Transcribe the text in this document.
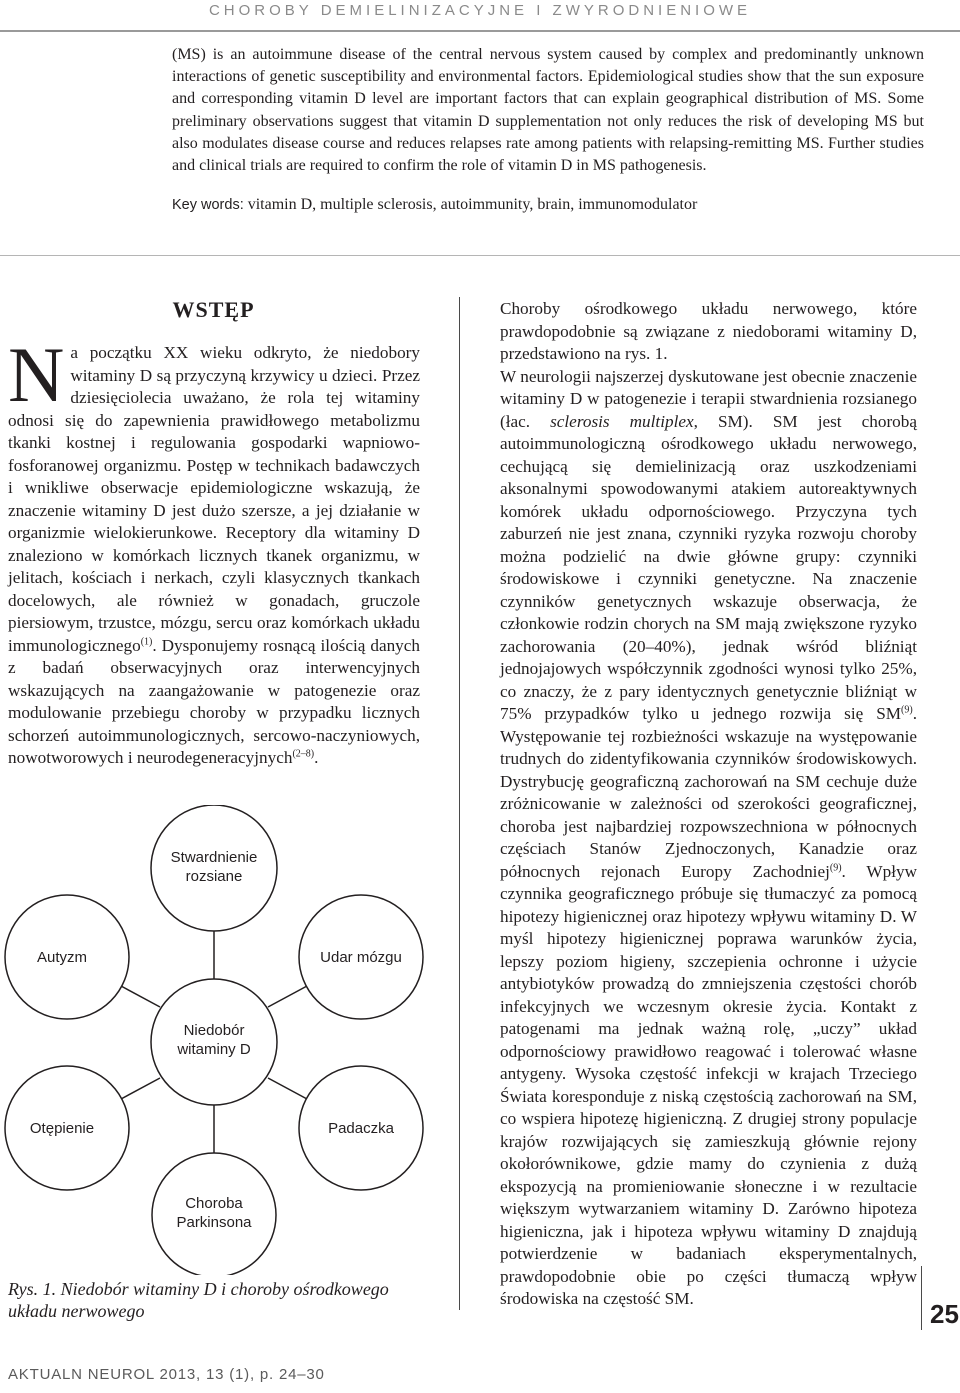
CHOROBY DEMIELINIZACYJNE I ZWYRODNIENIOWE
(MS) is an autoimmune disease of the central nervous system caused by complex and predominantly unknown interactions of genetic susceptibility and environmental factors. Epidemiological studies show that the sun exposure and corresponding vitamin D level are important factors that can explain geographical distribution of MS. Some preliminary observations suggest that vitamin D supplementation not only reduces the risk of developing MS but also modulates disease course and reduces relapses rate among patients with relapsing-remitting MS. Further studies and clinical trials are required to confirm the role of vitamin D in MS pathogenesis.
Key words: vitamin D, multiple sclerosis, autoimmunity, brain, immunomodulator
WSTĘP
Na początku XX wieku odkryto, że niedobory witaminy D są przyczyną krzywicy u dzieci. Przez dziesięciolecia uważano, że rola tej witaminy odnosi się do zapewnienia prawidłowego metabolizmu tkanki kostnej i regulowania gospodarki wapniowo-fosforanowej organizmu. Postęp w technikach badawczych i wnikliwe obserwacje epidemiologiczne wskazują, że znaczenie witaminy D jest dużo szersze, a jej działanie w organizmie wielokierunkowe. Receptory dla witaminy D znaleziono w komórkach licznych tkanek organizmu, w jelitach, kościach i nerkach, czyli klasycznych tkankach docelowych, ale również w gonadach, gruczole piersiowym, trzustce, mózgu, sercu oraz komórkach układu immunologicznego$^{(1)}$. Dysponujemy rosnącą ilością danych z badań obserwacyjnych oraz interwencyjnych wskazujących na zaangażowanie w patogenezie oraz modulowanie przebiegu choroby w przypadku licznych schorzeń autoimmunologicznych, sercowo-naczyniowych, nowotworowych i neurodegeneracyjnych$^{(2-8)}$.

Choroby ośrodkowego układu nerwowego, które prawdopodobnie są związane z niedoborami witaminy D, przedstawiono na rys. 1.

W neurologii najszerzej dyskutowane jest obecnie znaczenie witaminy D w patogenezie i terapii stwardnienia rozsianego (łac. sclerosis multiplex, SM). SM jest chorobą autoimmunologiczną ośrodkowego układu nerwowego, cechującą się demielinizacją oraz uszkodzeniami aksonalnymi spowodowanymi atakiem autoreaktywnych komórek układu odpornościowego. Przyczyna tych zaburzeń nie jest znana, czynniki ryzyka rozwoju choroby można podzielić na dwie główne grupy: czynniki środowiskowe i czynniki genetyczne. Na znaczenie czynników genetycznych wskazuje obserwacja, że członkowie rodzin chorych na SM mają zwiększone ryzyko zachorowania (20–40%), jednak wśród bliźniąt jednojajowych współczynnik zgodności wynosi tylko 25%, co znaczy, że z pary identycznych genetycznie bliźniąt w 75% przypadków tylko u jednego rozwija się SM$^{(9)}$. Występowanie tej rozbieżności wskazuje na występowanie trudnych do zidentyfikowania czynników środowiskowych. Dystrybucję geograficzną zachorowań na SM cechuje duże zróżnicowanie w zależności od szerokości geograficznej, choroba jest najbardziej rozpowszechniona w północnych częściach Stanów Zjednoczonych, Kanadzie oraz północnych rejonach Europy Zachodniej$^{(9)}$. Wpływ czynnika geograficznego próbuje się tłumaczyć za pomocą hipotezy higienicznej oraz hipotezy wpływu witaminy D. W myśl hipotezy higienicznej poprawa warunków życia, lepszy poziom higieny, szczepienia ochronne i użycie antybiotyków prowadzą do zmniejszenia częstości chorób infekcyjnych we wczesnym okresie życia. Kontakt z patogenami ma jednak ważną rolę, „uczy” układ odpornościowy prawidłowo reagować i tolerować własne antygeny. Wysoka częstość infekcji w krajach Trzeciego Świata koresponduje z niską częstością zachorowań na SM, co wspiera hipotezę higieniczną. Z drugiej strony populacje krajów rozwijających się zamieszkują głównie rejony okołorównikowe, gdzie mamy do czynienia z dużą ekspozycją na promieniowanie słoneczne i w rezultacie większym wytwarzaniem witaminy D. Zarówno hipoteza higieniczna, jak i hipoteza wpływu witaminy D znajdują potwierdzenie w badaniach eksperymentalnych, prawdopodobnie obie po części tłumaczą wpływ środowiska na częstość SM.

Niedobór
witaminy D
Stwardnienie
rozsiane
Autyzm	Udar mózgu
Otępienie	Padaczka
Choroba
Parkinsona
Rys. 1. Niedobór witaminy D i choroby ośrodkowego układu nerwowego	25
AKTUALN NEUROL 2013, 13 (1), p. 24–30
